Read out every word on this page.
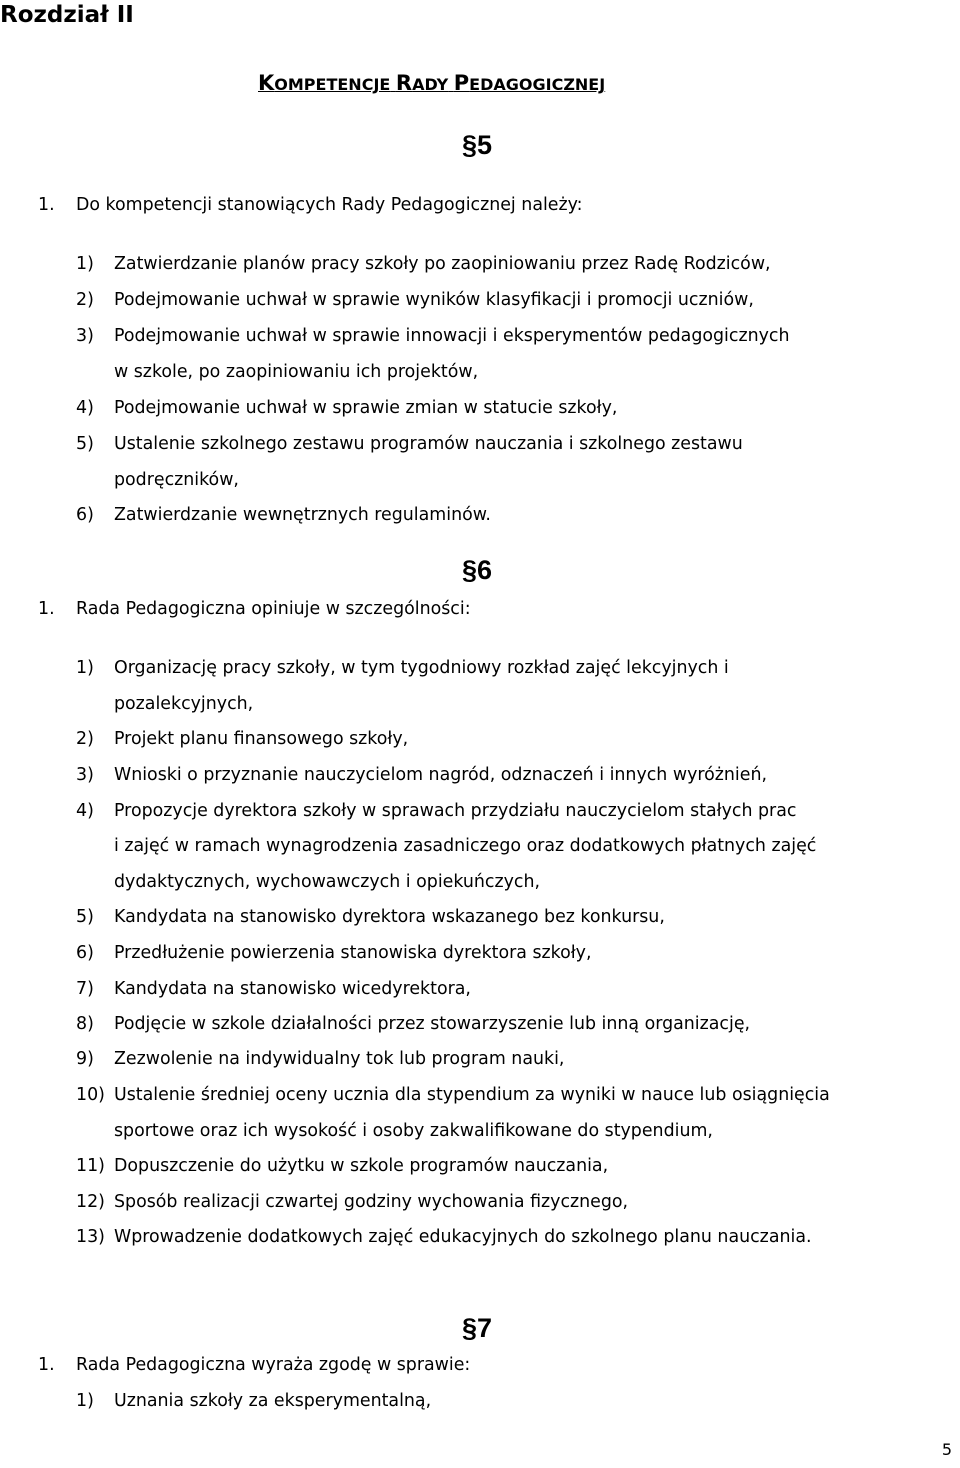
Rozdział II
KOMPETENCJE RADY PEDAGOGICZNEJ
§5
1. Do kompetencji stanowiących Rady Pedagogicznej należy:
1) Zatwierdzanie planów pracy szkoły po zaopiniowaniu przez Radę Rodziców,
2) Podejmowanie uchwał w sprawie wyników klasyfikacji i promocji uczniów,
3) Podejmowanie uchwał w sprawie innowacji i eksperymentów pedagogicznych
w szkole, po zaopiniowaniu ich projektów,
4) Podejmowanie uchwał w sprawie zmian w statucie szkoły,
5) Ustalenie szkolnego zestawu programów nauczania i szkolnego zestawu
podręczników,
6) Zatwierdzanie wewnętrznych regulaminów.
§6
1. Rada Pedagogiczna opiniuje w szczególności:
1) Organizację pracy szkoły, w tym tygodniowy rozkład zajęć lekcyjnych i
pozalekcyjnych,
2) Projekt planu finansowego szkoły,
3) Wnioski o przyznanie nauczycielom nagród, odznaczeń i innych wyróżnień,
4) Propozycje dyrektora szkoły w sprawach przydziału nauczycielom stałych prac
i zajęć w ramach wynagrodzenia zasadniczego oraz dodatkowych płatnych zajęć
dydaktycznych, wychowawczych i opiekuńczych,
5) Kandydata na stanowisko dyrektora wskazanego bez konkursu,
6) Przedłużenie powierzenia stanowiska dyrektora szkoły,
7) Kandydata na stanowisko wicedyrektora,
8) Podjęcie w szkole działalności przez stowarzyszenie lub inną organizację,
9) Zezwolenie na indywidualny tok lub program nauki,
10) Ustalenie średniej oceny ucznia dla stypendium za wyniki w nauce lub osiągnięcia
sportowe oraz ich wysokość i osoby zakwalifikowane do stypendium,
11) Dopuszczenie do użytku w szkole programów nauczania,
12) Sposób realizacji czwartej godziny wychowania fizycznego,
13) Wprowadzenie dodatkowych zajęć edukacyjnych do szkolnego planu nauczania.
§7
1. Rada Pedagogiczna wyraża zgodę w sprawie:
1) Uznania szkoły za eksperymentalną,
5
